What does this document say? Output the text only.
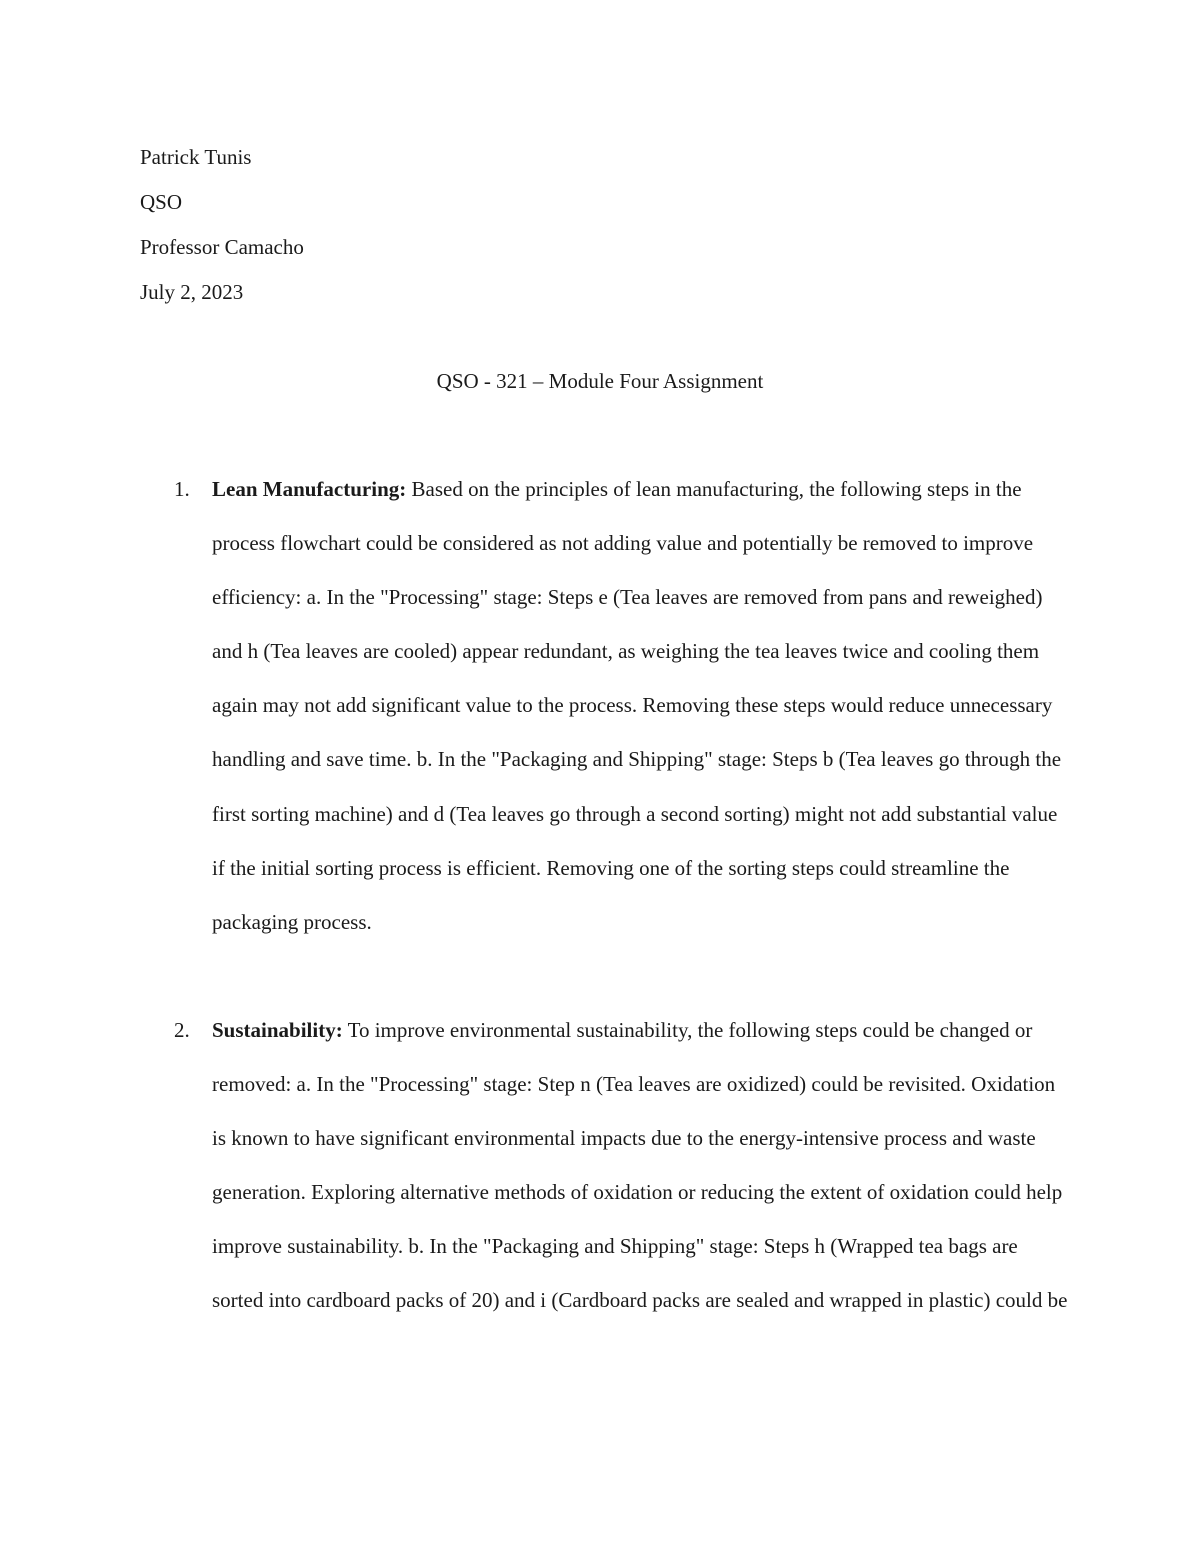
Patrick Tunis
QSO
Professor Camacho
July 2, 2023
QSO - 321 – Module Four Assignment
1. Lean Manufacturing: Based on the principles of lean manufacturing, the following steps in the process flowchart could be considered as not adding value and potentially be removed to improve efficiency: a. In the "Processing" stage: Steps e (Tea leaves are removed from pans and reweighed) and h (Tea leaves are cooled) appear redundant, as weighing the tea leaves twice and cooling them again may not add significant value to the process. Removing these steps would reduce unnecessary handling and save time. b. In the "Packaging and Shipping" stage: Steps b (Tea leaves go through the first sorting machine) and d (Tea leaves go through a second sorting) might not add substantial value if the initial sorting process is efficient. Removing one of the sorting steps could streamline the packaging process.
2. Sustainability: To improve environmental sustainability, the following steps could be changed or removed: a. In the "Processing" stage: Step n (Tea leaves are oxidized) could be revisited. Oxidation is known to have significant environmental impacts due to the energy-intensive process and waste generation. Exploring alternative methods of oxidation or reducing the extent of oxidation could help improve sustainability. b. In the "Packaging and Shipping" stage: Steps h (Wrapped tea bags are sorted into cardboard packs of 20) and i (Cardboard packs are sealed and wrapped in plastic) could be
